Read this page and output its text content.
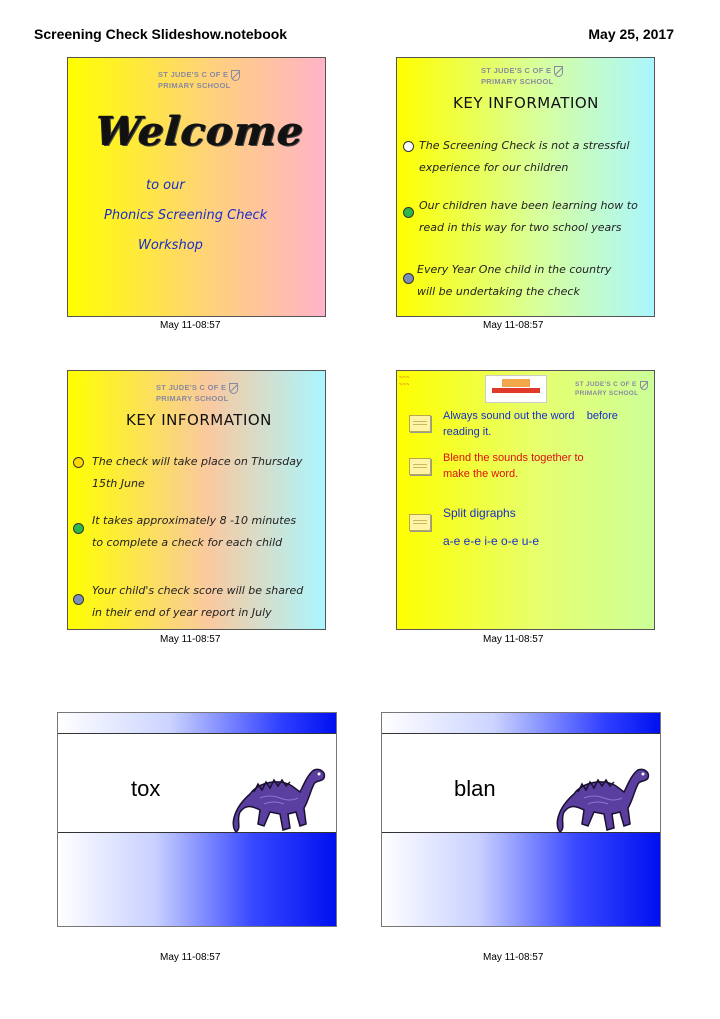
Screening Check Slideshow.notebook	May 25, 2017
ST JUDE'S C OF E
PRIMARY SCHOOL
Welcome
to our
Phonics Screening Check
Workshop
May 11-08:57
ST JUDE'S C OF E
PRIMARY SCHOOL
KEY INFORMATION
The Screening Check is not a stressful
experience for our children
Our children have been learning how to
read in this way for two school years
Every Year One child in the country
will be undertaking the check
May 11-08:57
ST JUDE'S C OF E
PRIMARY SCHOOL
KEY INFORMATION
The check will take place on Thursday
15th June
It takes approximately 8 -10 minutes
to complete a check for each child
Your child's check score will be shared
in their end of year report in July
May 11-08:57
~~~
~~~	ST JUDE'S C OF E
PRIMARY SCHOOL
Always sound out the word before
reading it.
Blend the sounds together to
make the word.
Split digraphs
a-e e-e i-e o-e u-e
May 11-08:57
tox
May 11-08:57
blan
May 11-08:57
